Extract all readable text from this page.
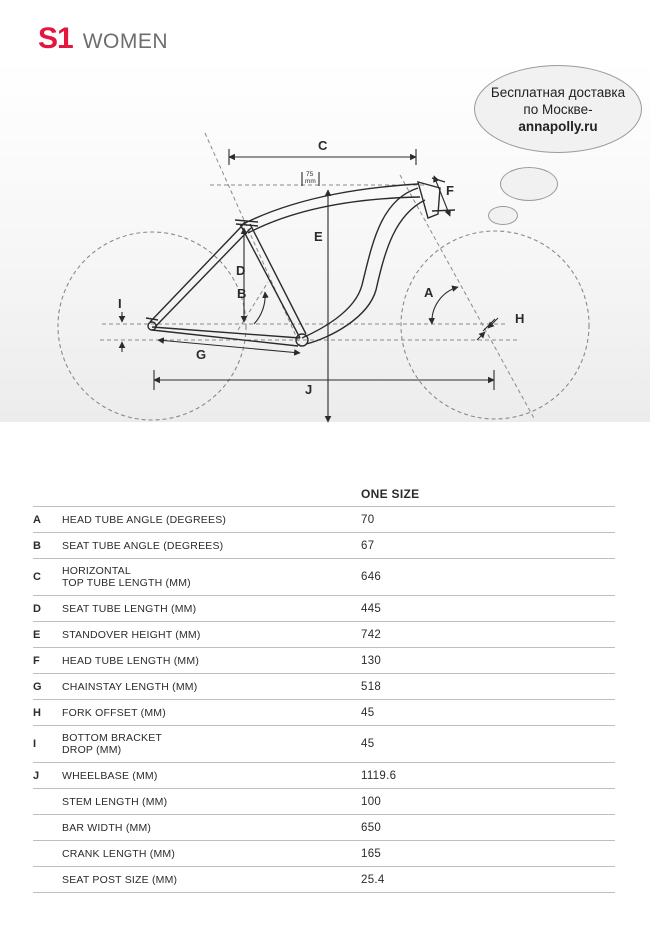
S1 WOMEN
C
E
F
D
B	A
H
I
G
J
75
mm
Бесплатная доставка
по Москве-
annapolly.ru
		ONE SIZE
A	HEAD TUBE ANGLE (DEGREES)	70
B	SEAT TUBE ANGLE (DEGREES)	67
C	HORIZONTAL
TOP TUBE LENGTH (MM)	646
D	SEAT TUBE LENGTH (MM)	445
E	STANDOVER HEIGHT (MM)	742
F	HEAD TUBE LENGTH (MM)	130
G	CHAINSTAY LENGTH (MM)	518
H	FORK OFFSET (MM)	45
I	BOTTOM BRACKET
DROP (MM)	45
J	WHEELBASE (MM)	1119.6

	STEM LENGTH (MM)	100

	BAR WIDTH (MM)	650

	CRANK LENGTH (MM)	165

	SEAT POST SIZE (MM)	25.4
